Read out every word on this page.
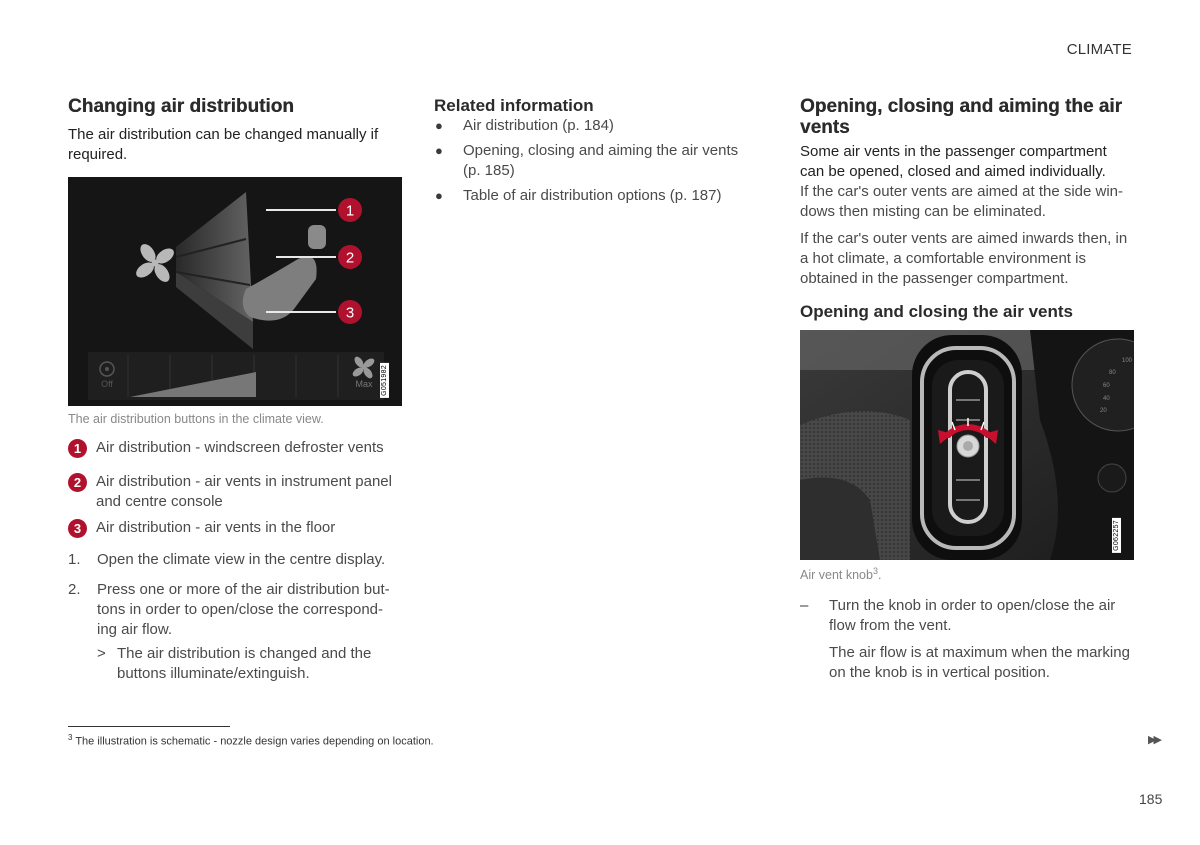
CLIMATE
Changing air distribution

The air distribution can be changed manually if required.

1
2
3
Off	Max G051982

The air distribution buttons in the climate view.

1 Air distribution - windscreen defroster vents
2 Air distribution - air vents in instrument panel and centre console
3 Air distribution - air vents in the floor
1.	Open the climate view in the centre display.
2.	Press one or more of the air distribution but-tons in order to open/close the correspond-ing air flow.
> The air distribution is changed and the buttons illuminate/extinguish.
Related information
●	Air distribution (p. 184)
●	Opening, closing and aiming the air vents (p. 185)
●	Table of air distribution options (p. 187)
Opening, closing and aiming the air vents

Some air vents in the passenger compartment can be opened, closed and aimed individually.

If the car's outer vents are aimed at the side win-dows then misting can be eliminated.

If the car's outer vents are aimed inwards then, in a hot climate, a comfortable environment is obtained in the passenger compartment.

Opening and closing the air vents
100
80
60
40
20
G062257

Air vent knob$^3$.

–	Turn the knob in order to open/close the air flow from the vent.

The air flow is at maximum when the marking on the knob is in vertical position.

$^3$ The illustration is schematic - nozzle design varies depending on location.	▶▶
185
